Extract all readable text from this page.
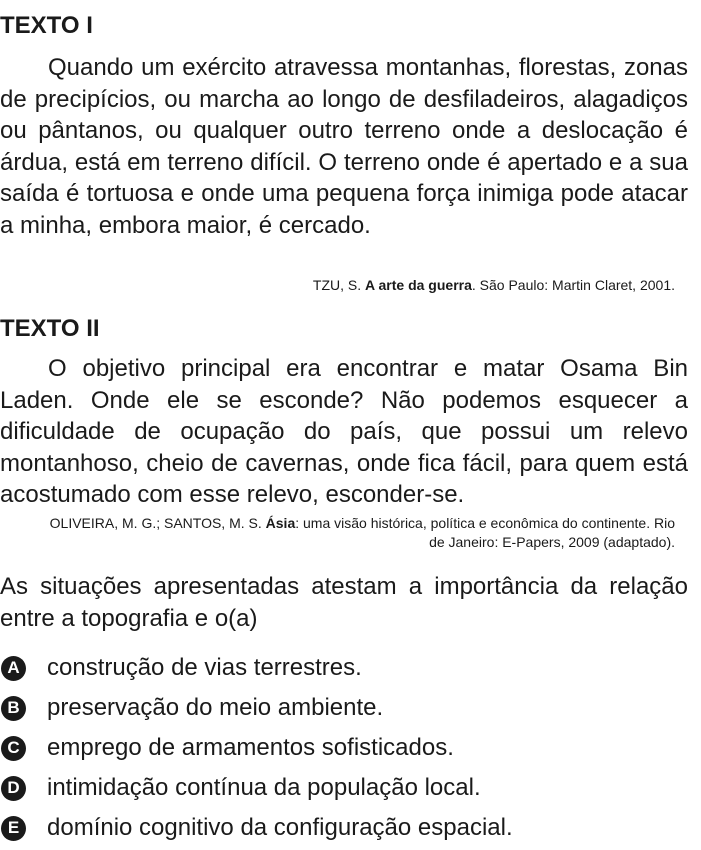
TEXTO I

Quando um exército atravessa montanhas, florestas, zonas de precipícios, ou marcha ao longo de desfiladeiros, alagadiços ou pântanos, ou qualquer outro terreno onde a deslocação é árdua, está em terreno difícil. O terreno onde é apertado e a sua saída é tortuosa e onde uma pequena força inimiga pode atacar a minha, embora maior, é cercado.

TZU, S. A arte da guerra. São Paulo: Martin Claret, 2001.

TEXTO II

O objetivo principal era encontrar e matar Osama Bin Laden. Onde ele se esconde? Não podemos esquecer a dificuldade de ocupação do país, que possui um relevo montanhoso, cheio de cavernas, onde fica fácil, para quem está acostumado com esse relevo, esconder-se.

OLIVEIRA, M. G.; SANTOS, M. S. Ásia: uma visão histórica, política e econômica do continente. Rio de Janeiro: E-Papers, 2009 (adaptado).

As situações apresentadas atestam a importância da relação entre a topografia e o(a)

A construção de vias terrestres.
B preservação do meio ambiente.
C emprego de armamentos sofisticados.
D intimidação contínua da população local.
E domínio cognitivo da configuração espacial.
